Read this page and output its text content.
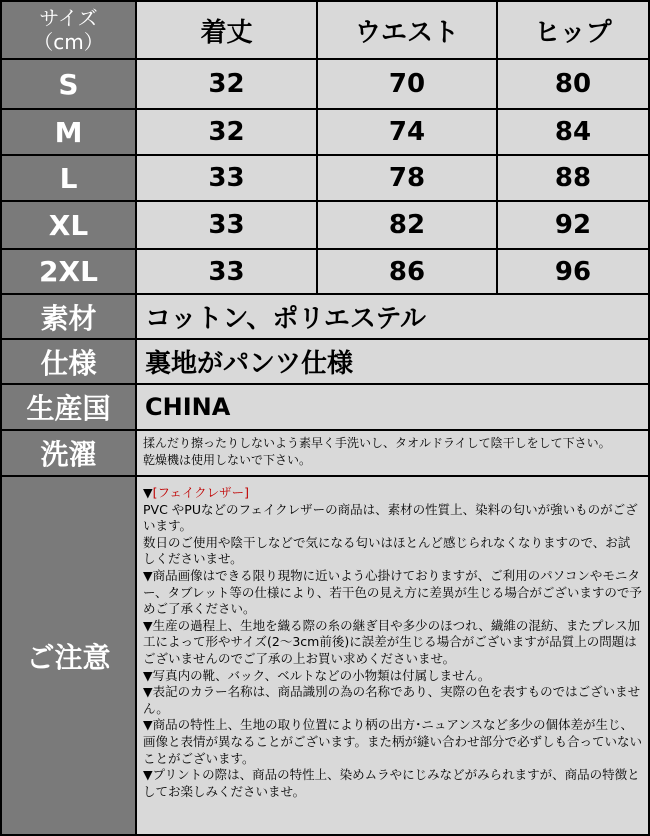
サイズ
（cm）	着丈	ウエスト	ヒップ
S	32	70	80
M	32	74	84
L	33	78	88
XL	33	82	92
2XL	33	86	96
素材	コットン、ポリエステル
仕様	裏地がパンツ仕様
生産国	CHINA
洗濯	揉んだり擦ったりしないよう素早く手洗いし、タオルドライして陰干しをして下さい。
乾燥機は使用しないで下さい。
ご注意

▼[フェイクレザー]

PVC やPUなどのフェイクレザーの商品は、素材の性質上、染料の匂いが強いものがございます。

数日のご使用や陰干しなどで気になる匂いはほとんど感じられなくなりますので、お試しくださいませ。

▼商品画像はできる限り現物に近いよう心掛けておりますが、ご利用のパソコンやモニター、タブレット等の仕様により、若干色の見え方に差異が生じる場合がございますので予めご了承ください。

▼生産の過程上、生地を織る際の糸の継ぎ目や多少のほつれ、繊維の混紡、またプレス加工によって形やサイズ(2〜3cm前後)に誤差が生じる場合がございますが品質上の問題はございませんのでご了承の上お買い求めくださいませ。

▼写真内の靴、バック、ベルトなどの小物類は付属しません。

▼表記のカラー名称は、商品識別の為の名称であり、実際の色を表すものではございません。

▼商品の特性上、生地の取り位置により柄の出方･ニュアンスなど多少の個体差が生じ、画像と表情が異なることがございます。また柄が縫い合わせ部分で必ずしも合っていないことがございます。

▼プリントの際は、商品の特性上、染めムラやにじみなどがみられますが、商品の特徴としてお楽しみくださいませ。
